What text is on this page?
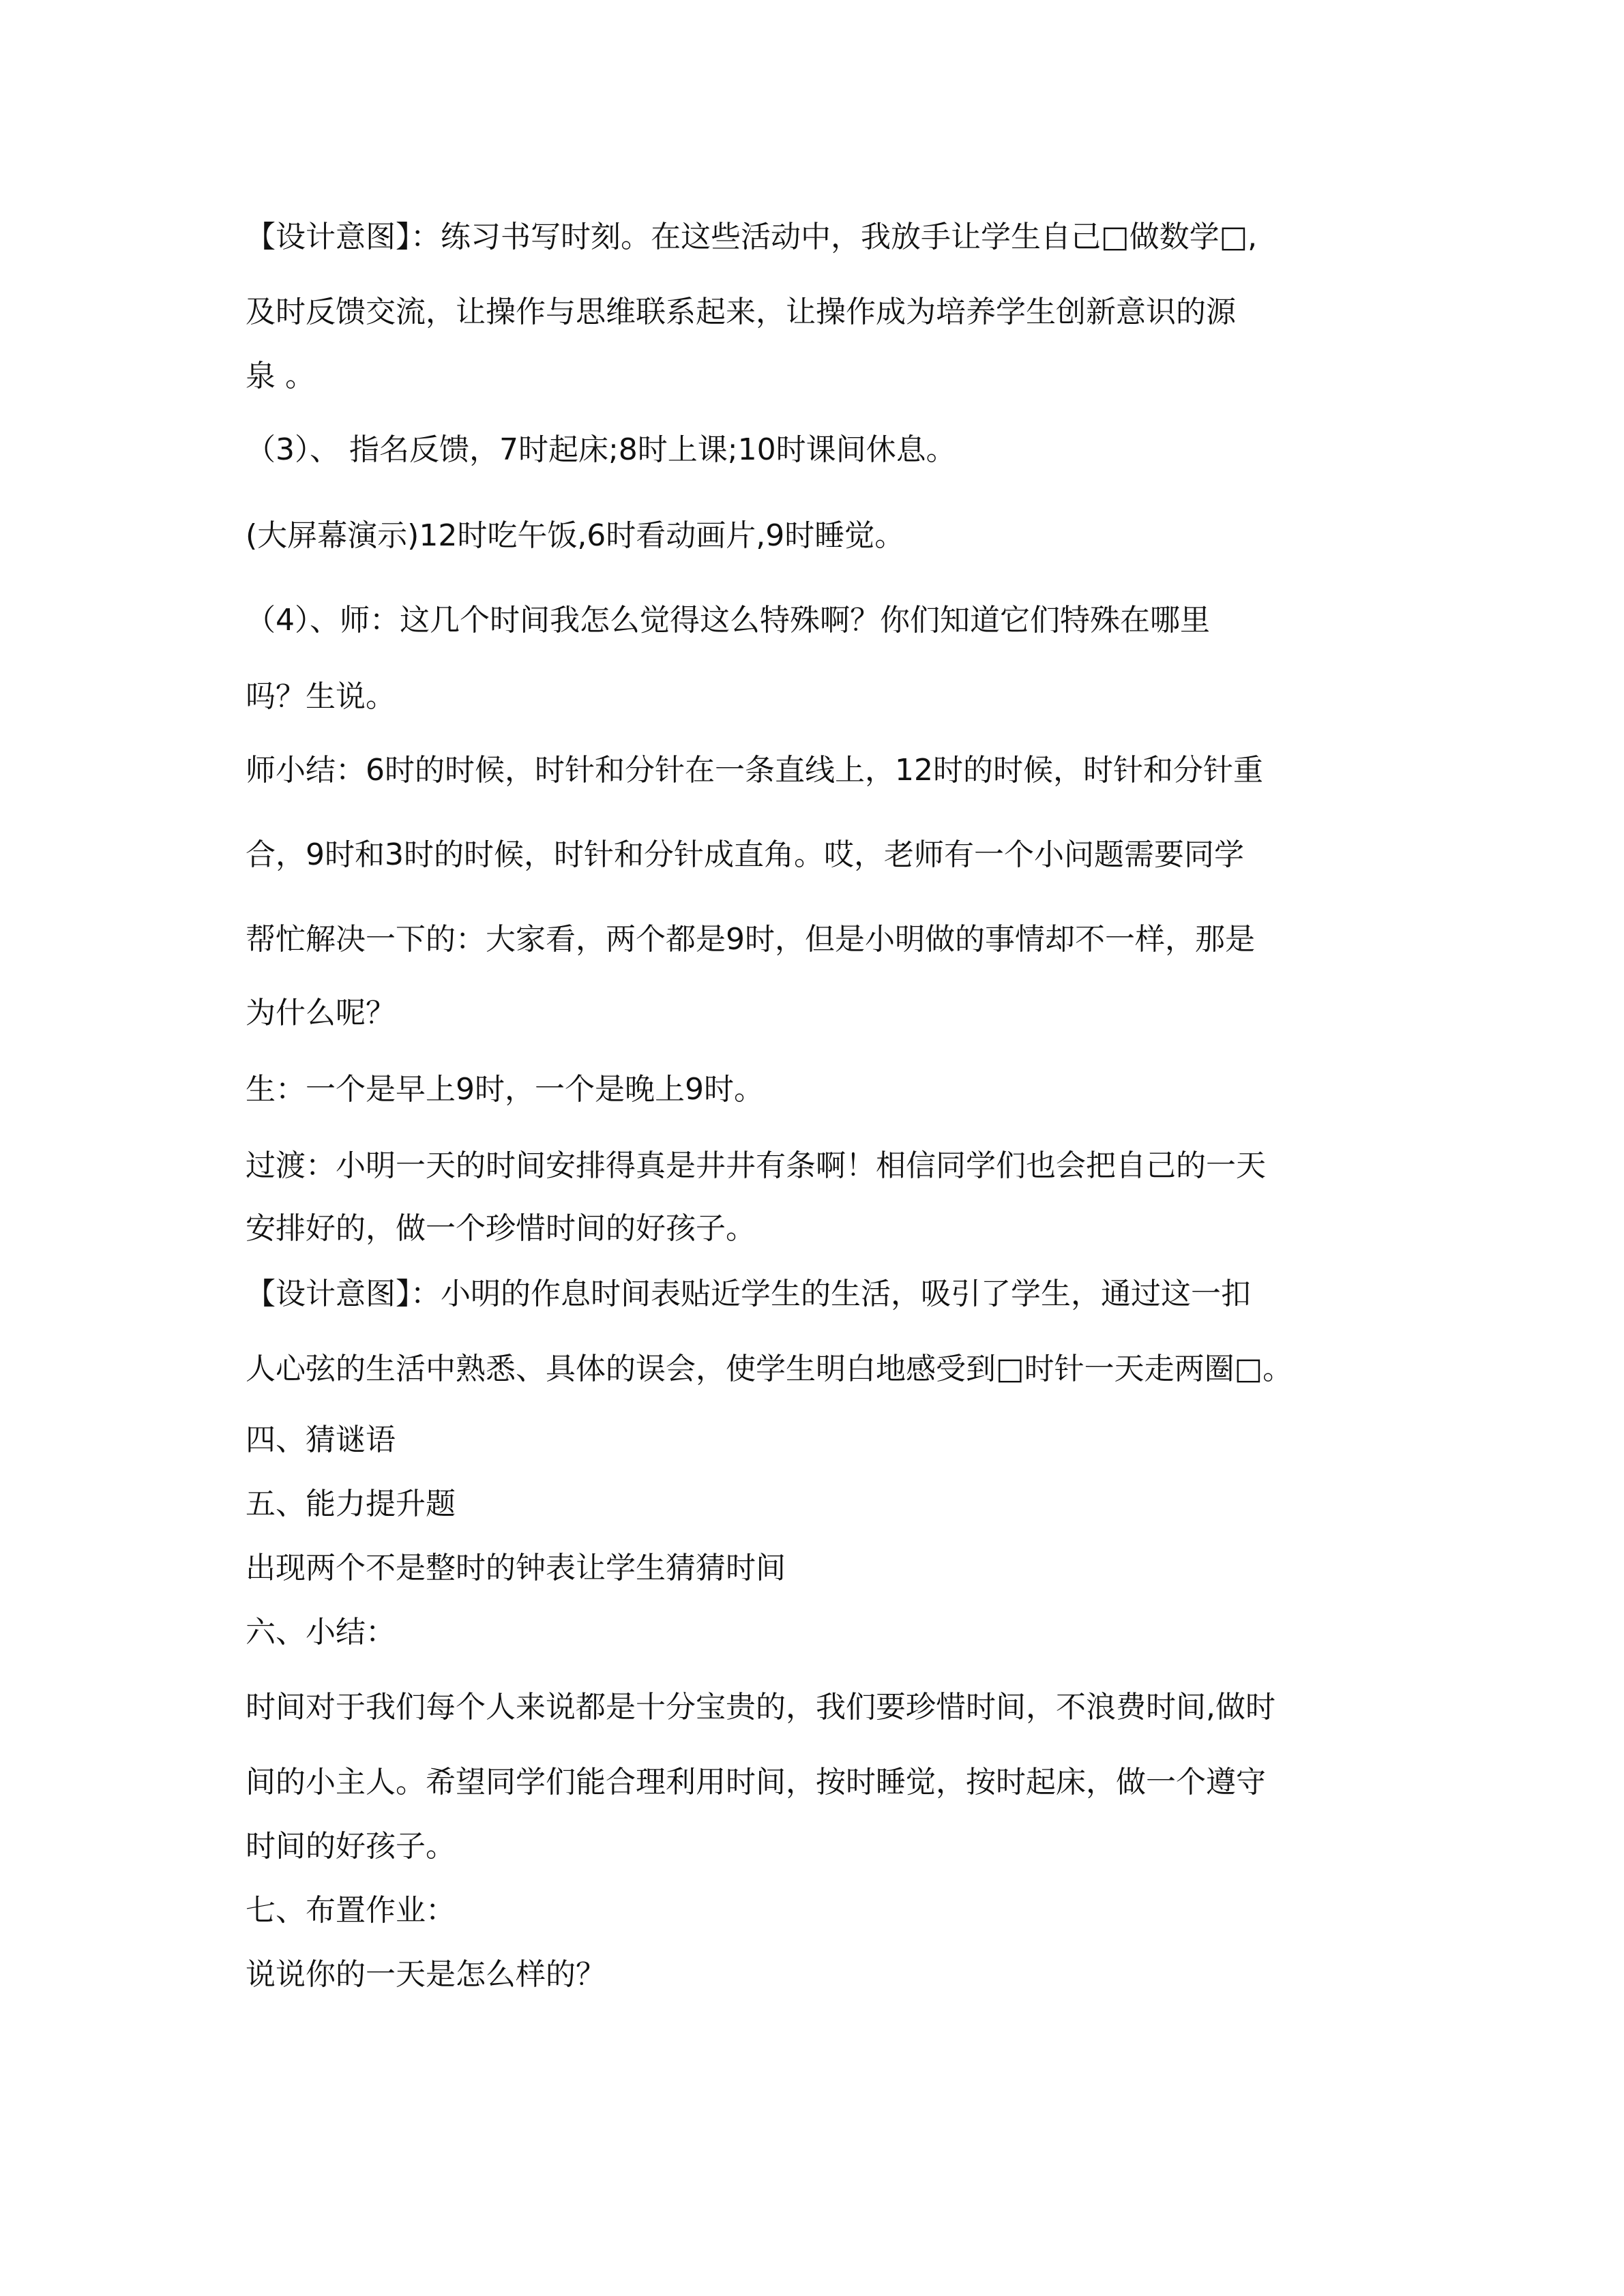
【设计意图】：练习书写时刻。在这些活动中，我放手让学生自己□做数学□,

及时反馈交流，让操作与思维联系起来，让操作成为培养学生创新意识的源

泉 。

（3）、 指名反馈，7时起床;8时上课;10时课间休息。

(大屏幕演示)12时吃午饭,6时看动画片,9时睡觉。

（4）、师：这几个时间我怎么觉得这么特殊啊？你们知道它们特殊在哪里

吗？生说。

师小结：6时的时候，时针和分针在一条直线上，12时的时候，时针和分针重

合，9时和3时的时候，时针和分针成直角。哎，老师有一个小问题需要同学

帮忙解决一下的：大家看，两个都是9时，但是小明做的事情却不一样，那是

为什么呢？

生：一个是早上9时，一个是晚上9时。

过渡：小明一天的时间安排得真是井井有条啊！相信同学们也会把自己的一天

安排好的，做一个珍惜时间的好孩子。

【设计意图】：小明的作息时间表贴近学生的生活，吸引了学生，通过这一扣

人心弦的生活中熟悉、具体的误会，使学生明白地感受到□时针一天走两圈□。

四、猜谜语

五、能力提升题

出现两个不是整时的钟表让学生猜猜时间

六、小结：

时间对于我们每个人来说都是十分宝贵的，我们要珍惜时间，不浪费时间,做时

间的小主人。希望同学们能合理利用时间，按时睡觉，按时起床，做一个遵守

时间的好孩子。

七、布置作业：

说说你的一天是怎么样的？
